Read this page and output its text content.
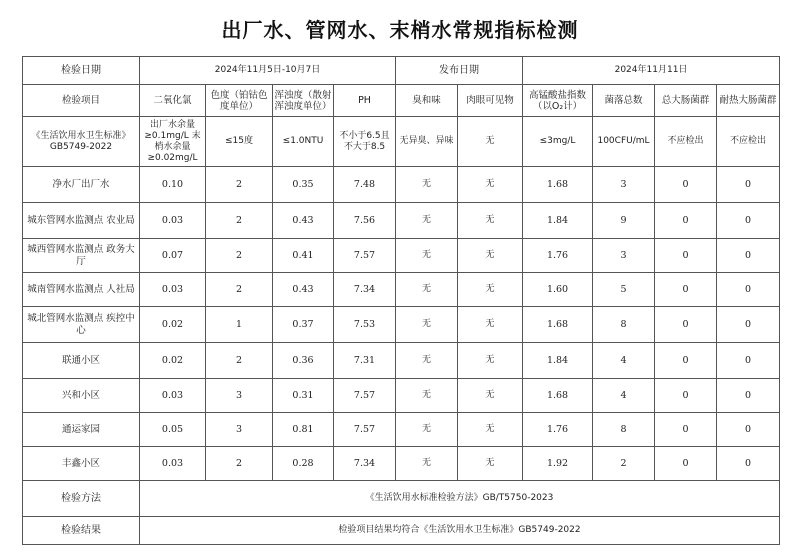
出厂水、管网水、末梢水常规指标检测
检验日期	2024年11月5日-10月7日				发布日期		2024年11月11日			
检验项目	二氧化氯	色度（铂钴色度单位）	浑浊度（散射浑浊度单位）	PH	臭和味	肉眼可见物	高锰酸盐指数（以O₂计）	菌落总数	总大肠菌群	耐热大肠菌群
《生活饮用水卫生标准》GB5749-2022	出厂水余量≥0.1mg/L 末梢水余量≥0.02mg/L	≤15度	≤1.0NTU	不小于6.5且不大于8.5	无异臭、异味	无	≤3mg/L	100CFU/mL	不应检出	不应检出
净水厂出厂水	0.10	2	0.35	7.48	无	无	1.68	3	0	0
城东管网水监测点 农业局	0.03	2	0.43	7.56	无	无	1.84	9	0	0
城西管网水监测点 政务大厅	0.07	2	0.41	7.57	无	无	1.76	3	0	0
城南管网水监测点 人社局	0.03	2	0.43	7.34	无	无	1.60	5	0	0
城北管网水监测点 疾控中心	0.02	1	0.37	7.53	无	无	1.68	8	0	0
联通小区	0.02	2	0.36	7.31	无	无	1.84	4	0	0
兴和小区	0.03	3	0.31	7.57	无	无	1.68	4	0	0
通运家园	0.05	3	0.81	7.57	无	无	1.76	8	0	0
丰鑫小区	0.03	2	0.28	7.34	无	无	1.92	2	0	0
检验方法	《生活饮用水标准检验方法》GB/T5750-2023									
检验结果	检验项目结果均符合《生活饮用水卫生标准》GB5749-2022									
